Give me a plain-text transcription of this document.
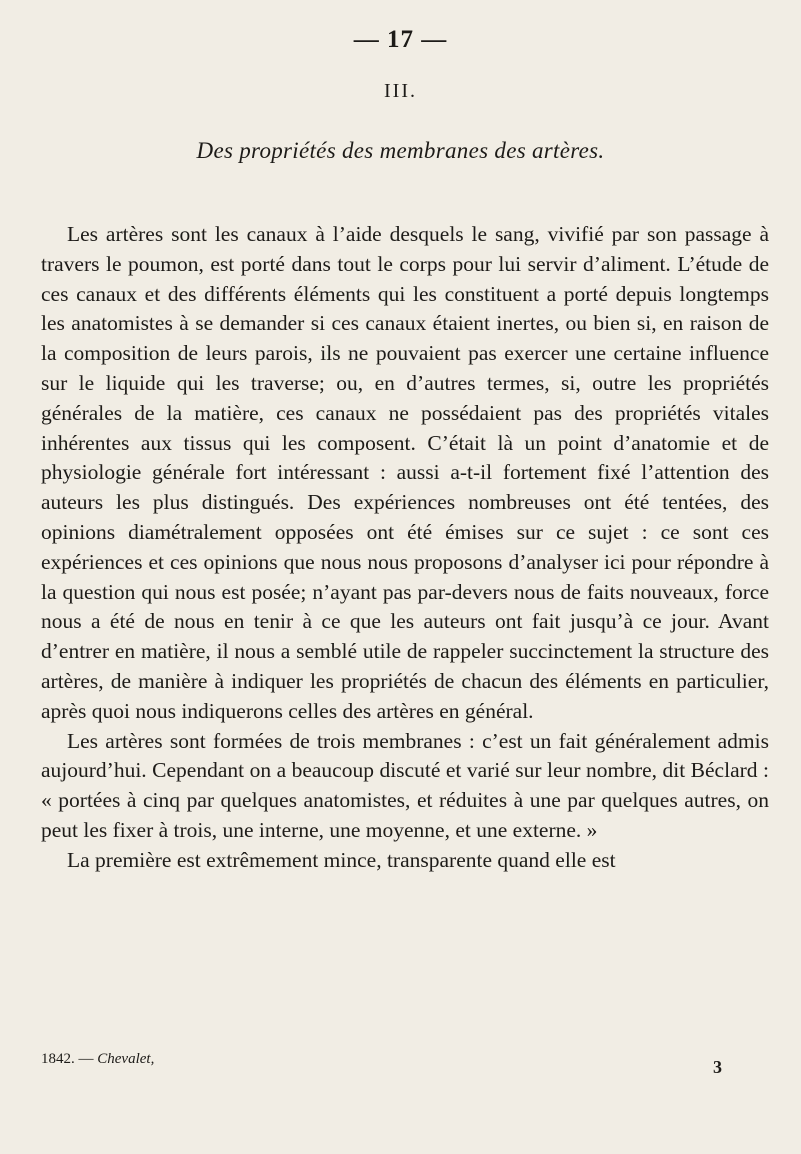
— 17 —
III.
Des propriétés des membranes des artères.

Les artères sont les canaux à l’aide desquels le sang, vivifié par son passage à travers le poumon, est porté dans tout le corps pour lui servir d’aliment. L’étude de ces canaux et des différents éléments qui les constituent a porté depuis longtemps les anatomistes à se demander si ces canaux étaient inertes, ou bien si, en raison de la composition de leurs parois, ils ne pouvaient pas exercer une certaine influence sur le liquide qui les traverse; ou, en d’autres termes, si, outre les propriétés générales de la matière, ces canaux ne possédaient pas des propriétés vitales inhérentes aux tissus qui les composent. C’était là un point d’anatomie et de physiologie générale fort intéressant : aussi a-t-il fortement fixé l’attention des auteurs les plus distingués. Des expériences nombreuses ont été tentées, des opinions diamétralement opposées ont été émises sur ce sujet : ce sont ces expériences et ces opinions que nous nous proposons d’analyser ici pour répondre à la question qui nous est posée; n’ayant pas par-devers nous de faits nouveaux, force nous a été de nous en tenir à ce que les auteurs ont fait jusqu’à ce jour. Avant d’entrer en matière, il nous a semblé utile de rappeler succinctement la structure des artères, de manière à indiquer les propriétés de chacun des éléments en particulier, après quoi nous indiquerons celles des artères en général.

Les artères sont formées de trois membranes : c’est un fait généralement admis aujourd’hui. Cependant on a beaucoup discuté et varié sur leur nombre, dit Béclard : « portées à cinq par quelques anatomistes, et réduites à une par quelques autres, on peut les fixer à trois, une interne, une moyenne, et une externe. »

La première est extrêmement mince, transparente quand elle est

1842. — Chevalet,	3
